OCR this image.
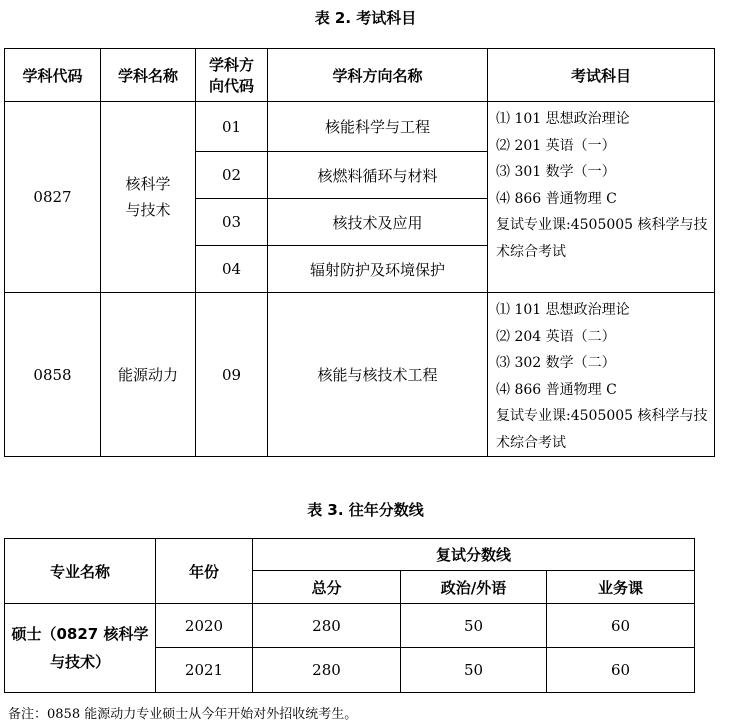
表 2. 考试科目
学科代码	学科名称	学科方向代码	学科方向名称	考试科目
0827	核科学与技术	01	核能科学与工程	⑴ 101 思想政治理论
⑵ 201 英语（一）
⑶ 301 数学（一）
⑷ 866 普通物理 C
复试专业课:4505005 核科学与技术综合考试

		02	核燃料循环与材料	
		03	核技术及应用	
		04	辐射防护及环境保护	
0858	能源动力	09	核能与核技术工程	⑴ 101 思想政治理论
⑵ 204 英语（二）
⑶ 302 数学（二）
⑷ 866 普通物理 C
复试专业课:4505005 核科学与技术综合考试
表 3. 往年分数线
专业名称	年份	复试分数线		
		总分	政治/外语	业务课
硕士（0827 核科学与技术）	2020	280	50	60
	2021	280	50	60
备注：0858 能源动力专业硕士从今年开始对外招收统考生。
